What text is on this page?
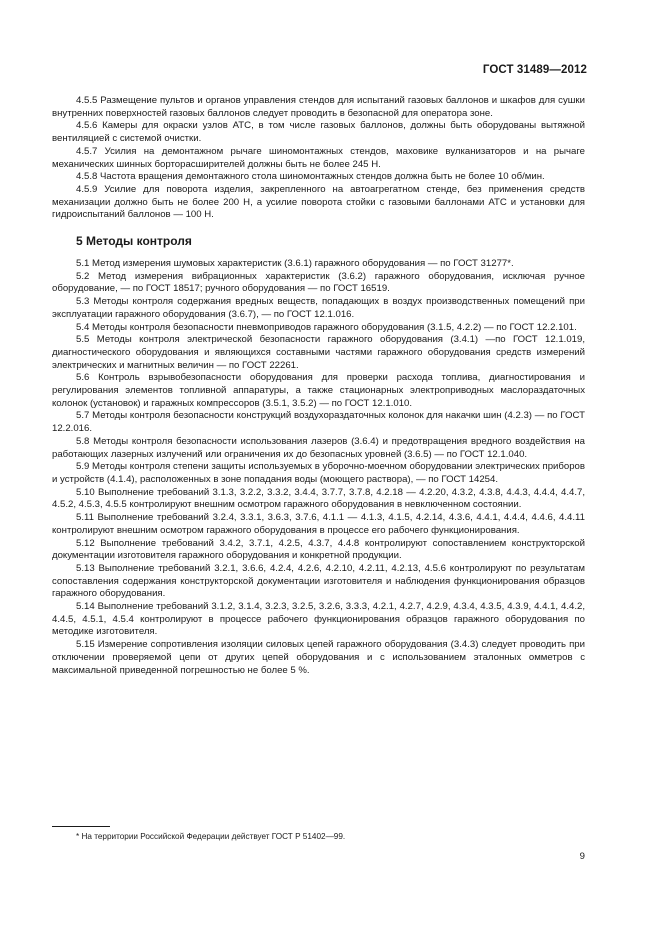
ГОСТ 31489—2012

4.5.5 Размещение пультов и органов управления стендов для испытаний газовых баллонов и шкафов для сушки внутренних поверхностей газовых баллонов следует проводить в безопасной для оператора зоне.

4.5.6 Камеры для окраски узлов АТС, в том числе газовых баллонов, должны быть оборудованы вытяжной вентиляцией с системой очистки.

4.5.7 Усилия на демонтажном рычаге шиномонтажных стендов, маховике вулканизаторов и на рычаге механических шинных борторасширителей должны быть не более 245 Н.

4.5.8 Частота вращения демонтажного стола шиномонтажных стендов должна быть не более 10 об/мин.

4.5.9 Усилие для поворота изделия, закрепленного на автоагрегатном стенде, без применения средств механизации должно быть не более 200 Н, а усилие поворота стойки с газовыми баллонами АТС и установки для гидроиспытаний баллонов — 100 Н.

5 Методы контроля

5.1 Метод измерения шумовых характеристик (3.6.1) гаражного оборудования — по ГОСТ 31277*.

5.2 Метод измерения вибрационных характеристик (3.6.2) гаражного оборудования, исключая ручное оборудование, — по ГОСТ 18517; ручного оборудования — по ГОСТ 16519.

5.3 Методы контроля содержания вредных веществ, попадающих в воздух производственных помещений при эксплуатации гаражного оборудования (3.6.7), — по ГОСТ 12.1.016.

5.4 Методы контроля безопасности пневмоприводов гаражного оборудования (3.1.5, 4.2.2) — по ГОСТ 12.2.101.

5.5 Методы контроля электрической безопасности гаражного оборудования (3.4.1) —по ГОСТ 12.1.019, диагностического оборудования и являющихся составными частями гаражного оборудования средств измерений электрических и магнитных величин — по ГОСТ 22261.

5.6 Контроль взрывобезопасности оборудования для проверки расхода топлива, диагностирования и регулирования элементов топливной аппаратуры, а также стационарных электроприводных маслораздаточных колонок (установок) и гаражных компрессоров (3.5.1, 3.5.2) — по ГОСТ 12.1.010.

5.7 Методы контроля безопасности конструкций воздухораздаточных колонок для накачки шин (4.2.3) — по ГОСТ 12.2.016.

5.8 Методы контроля безопасности использования лазеров (3.6.4) и предотвращения вредного воздействия на работающих лазерных излучений или ограничения их до безопасных уровней (3.6.5) — по ГОСТ 12.1.040.

5.9 Методы контроля степени защиты используемых в уборочно-моечном оборудовании электрических приборов и устройств (4.1.4), расположенных в зоне попадания воды (моющего раствора), — по ГОСТ 14254.

5.10 Выполнение требований 3.1.3, 3.2.2, 3.3.2, 3.4.4, 3.7.7, 3.7.8, 4.2.18 — 4.2.20, 4.3.2, 4.3.8, 4.4.3, 4.4.4, 4.4.7, 4.5.2, 4.5.3, 4.5.5 контролируют внешним осмотром гаражного оборудования в невключенном состоянии.

5.11 Выполнение требований 3.2.4, 3.3.1, 3.6.3, 3.7.6, 4.1.1 — 4.1.3, 4.1.5, 4.2.14, 4.3.6, 4.4.1, 4.4.4, 4.4.6, 4.4.11 контролируют внешним осмотром гаражного оборудования в процессе его рабочего функционирования.

5.12 Выполнение требований 3.4.2, 3.7.1, 4.2.5, 4.3.7, 4.4.8 контролируют сопоставлением конструкторской документации изготовителя гаражного оборудования и конкретной продукции.

5.13 Выполнение требований 3.2.1, 3.6.6, 4.2.4, 4.2.6, 4.2.10, 4.2.11, 4.2.13, 4.5.6 контролируют по результатам сопоставления содержания конструкторской документации изготовителя и наблюдения функционирования образцов гаражного оборудования.

5.14 Выполнение требований 3.1.2, 3.1.4, 3.2.3, 3.2.5, 3.2.6, 3.3.3, 4.2.1, 4.2.7, 4.2.9, 4.3.4, 4.3.5, 4.3.9, 4.4.1, 4.4.2, 4.4.5, 4.5.1, 4.5.4 контролируют в процессе рабочего функционирования образцов гаражного оборудования по методике изготовителя.

5.15 Измерение сопротивления изоляции силовых цепей гаражного оборудования (3.4.3) следует проводить при отключении проверяемой цепи от других цепей оборудования и с использованием эталонных омметров с максимальной приведенной погрешностью не более 5 %.

* На территории Российской Федерации действует ГОСТ Р 51402—99.
9
